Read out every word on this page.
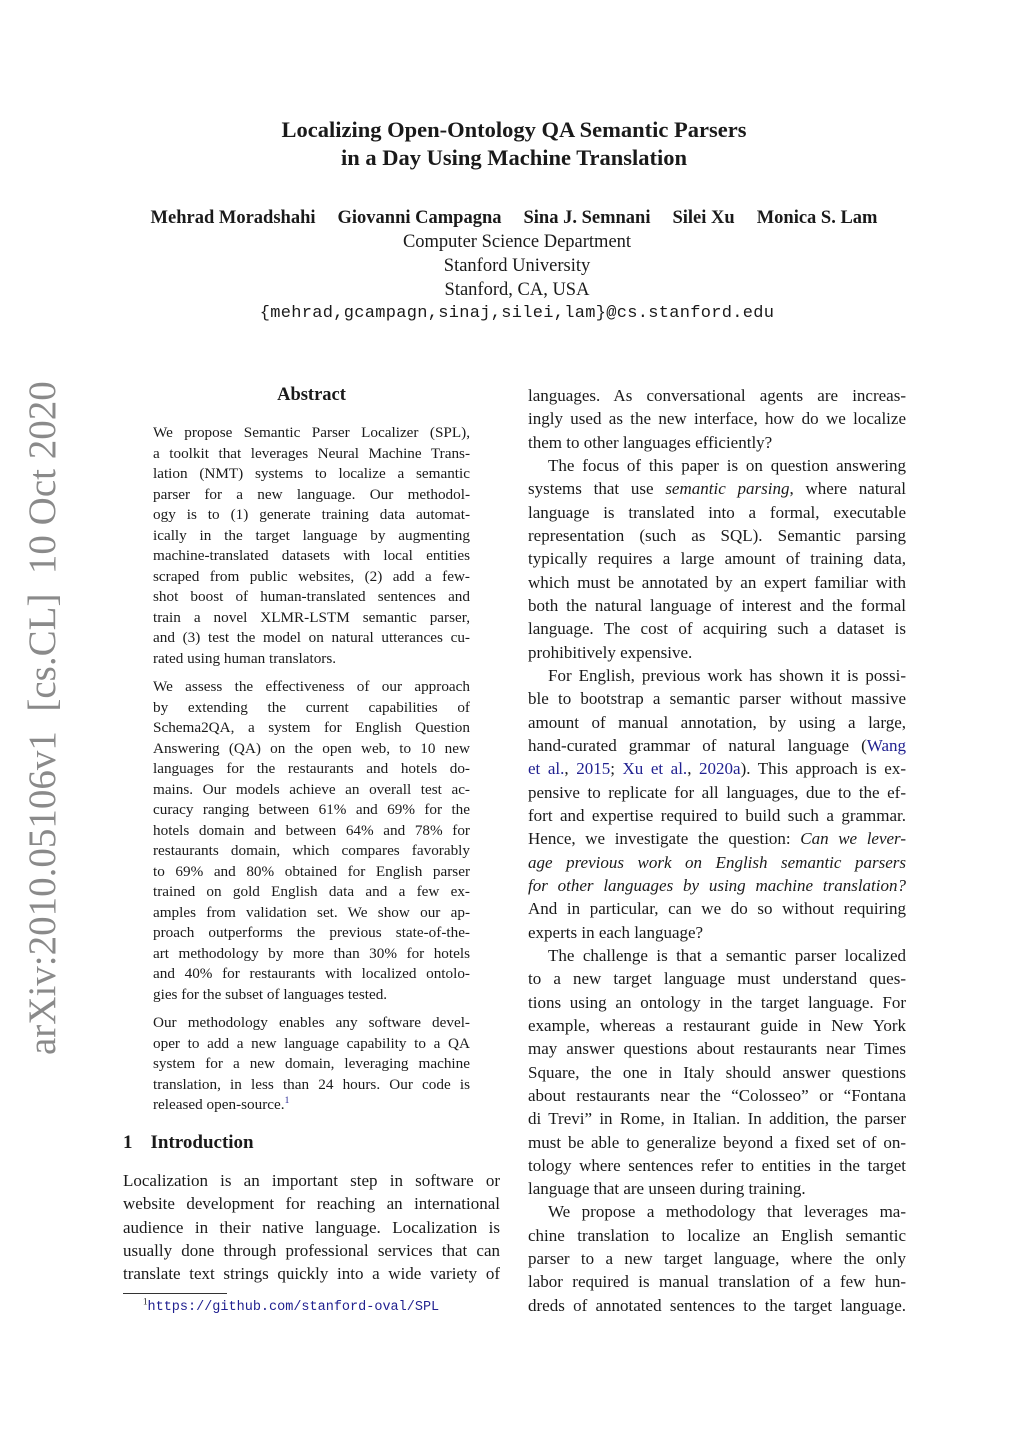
arXiv:2010.05106v1  [cs.CL]  10 Oct 2020
Localizing Open-Ontology QA Semantic Parsers
in a Day Using Machine Translation
Mehrad Moradshahi Giovanni Campagna Sina J. Semnani Silei Xu Monica S. Lam
Computer Science Department
Stanford University
Stanford, CA, USA
{mehrad,gcampagn,sinaj,silei,lam}@cs.stanford.edu
Abstract
We propose Semantic Parser Localizer (SPL),
a toolkit that leverages Neural Machine Trans-
lation (NMT) systems to localize a semantic
parser for a new language. Our methodol-
ogy is to (1) generate training data automat-
ically in the target language by augmenting
machine-translated datasets with local entities
scraped from public websites, (2) add a few-
shot boost of human-translated sentences and
train a novel XLMR-LSTM semantic parser,
and (3) test the model on natural utterances cu-
rated using human translators.
We assess the effectiveness of our approach
by extending the current capabilities of
Schema2QA, a system for English Question
Answering (QA) on the open web, to 10 new
languages for the restaurants and hotels do-
mains. Our models achieve an overall test ac-
curacy ranging between 61% and 69% for the
hotels domain and between 64% and 78% for
restaurants domain, which compares favorably
to 69% and 80% obtained for English parser
trained on gold English data and a few ex-
amples from validation set. We show our ap-
proach outperforms the previous state-of-the-
art methodology by more than 30% for hotels
and 40% for restaurants with localized ontolo-
gies for the subset of languages tested.
Our methodology enables any software devel-
oper to add a new language capability to a QA
system for a new domain, leveraging machine
translation, in less than 24 hours. Our code is
released open-source.$^1$
1 Introduction
Localization is an important step in software or
website development for reaching an international
audience in their native language. Localization is
usually done through professional services that can
translate text strings quickly into a wide variety of
$^1$https://github.com/stanford-oval/SPL
languages. As conversational agents are increas-
ingly used as the new interface, how do we localize
them to other languages efficiently?
The focus of this paper is on question answering
systems that use semantic parsing, where natural
language is translated into a formal, executable
representation (such as SQL). Semantic parsing
typically requires a large amount of training data,
which must be annotated by an expert familiar with
both the natural language of interest and the formal
language. The cost of acquiring such a dataset is
prohibitively expensive.
For English, previous work has shown it is possi-
ble to bootstrap a semantic parser without massive
amount of manual annotation, by using a large,
hand-curated grammar of natural language (Wang
et al., 2015; Xu et al., 2020a). This approach is ex-
pensive to replicate for all languages, due to the ef-
fort and expertise required to build such a grammar.
Hence, we investigate the question: Can we lever-
age previous work on English semantic parsers
for other languages by using machine translation?
And in particular, can we do so without requiring
experts in each language?
The challenge is that a semantic parser localized
to a new target language must understand ques-
tions using an ontology in the target language. For
example, whereas a restaurant guide in New York
may answer questions about restaurants near Times
Square, the one in Italy should answer questions
about restaurants near the “Colosseo” or “Fontana
di Trevi” in Rome, in Italian. In addition, the parser
must be able to generalize beyond a fixed set of on-
tology where sentences refer to entities in the target
language that are unseen during training.
We propose a methodology that leverages ma-
chine translation to localize an English semantic
parser to a new target language, where the only
labor required is manual translation of a few hun-
dreds of annotated sentences to the target language.
